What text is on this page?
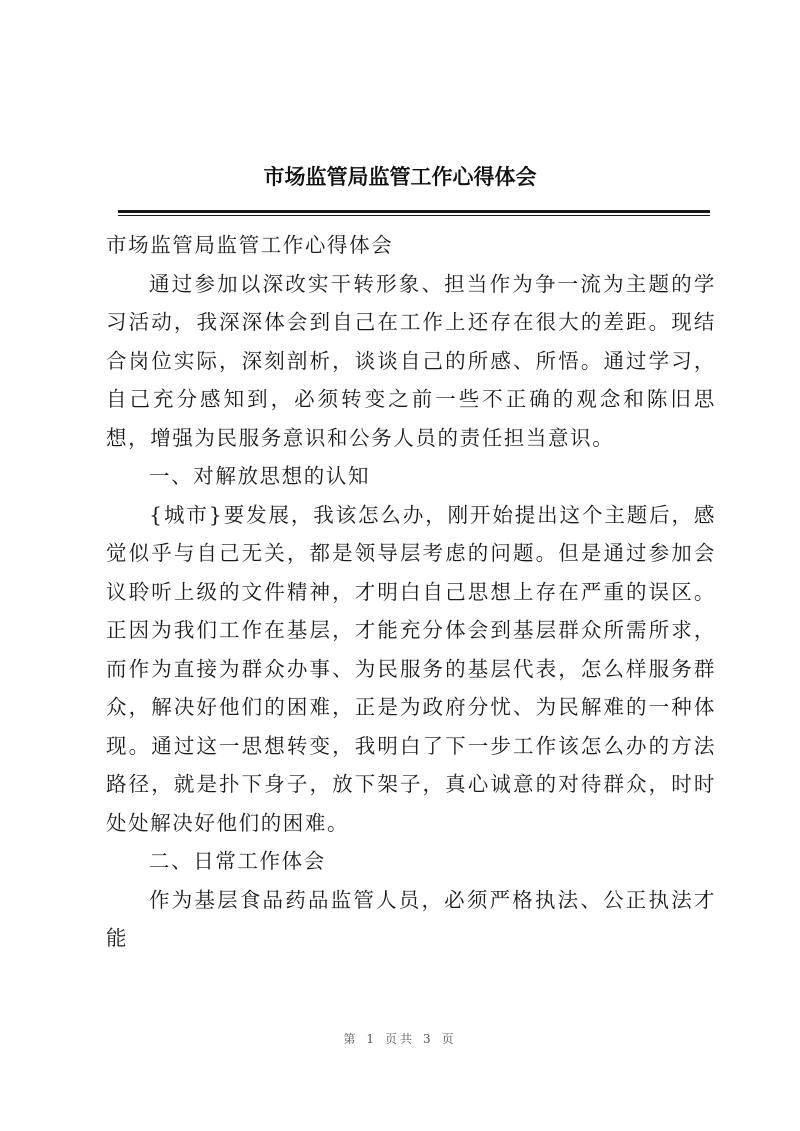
市场监管局监管工作心得体会

市场监管局监管工作心得体会

通过参加以深改实干转形象、担当作为争一流为主题的学习活动，我深深体会到自己在工作上还存在很大的差距。现结合岗位实际，深刻剖析，谈谈自己的所感、所悟。通过学习，自己充分感知到，必须转变之前一些不正确的观念和陈旧思想，增强为民服务意识和公务人员的责任担当意识。

一、对解放思想的认知

{城市}要发展，我该怎么办，刚开始提出这个主题后，感觉似乎与自己无关，都是领导层考虑的问题。但是通过参加会议聆听上级的文件精神，才明白自己思想上存在严重的误区。正因为我们工作在基层，才能充分体会到基层群众所需所求，而作为直接为群众办事、为民服务的基层代表，怎么样服务群众，解决好他们的困难，正是为政府分忧、为民解难的一种体现。通过这一思想转变，我明白了下一步工作该怎么办的方法路径，就是扑下身子，放下架子，真心诚意的对待群众，时时处处解决好他们的困难。

二、日常工作体会

作为基层食品药品监管人员，必须严格执法、公正执法才能

第 1 页共 3 页
